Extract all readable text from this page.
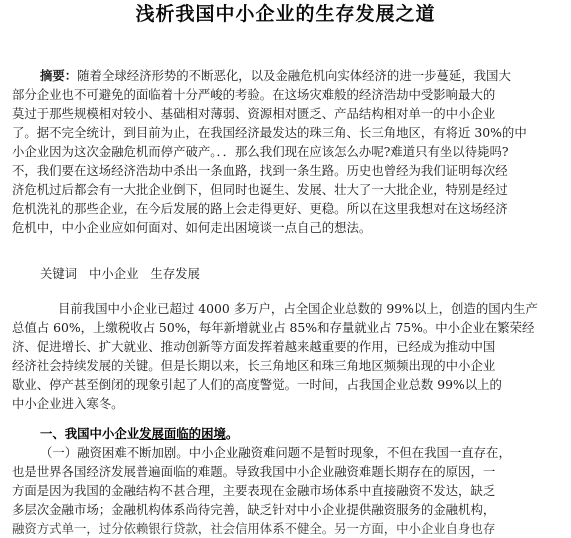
浅析我国中小企业的生存发展之道
摘要：随着全球经济形势的不断恶化，以及金融危机向实体经济的进一步蔓延，我国大
部分企业也不可避免的面临着十分严峻的考验。在这场灾难般的经济浩劫中受影响最大的
莫过于那些规模相对较小、基础相对薄弱、资源相对匮乏、产品结构相对单一的中小企业
了。据不完全统计，到目前为止，在我国经济最发达的珠三角、长三角地区，有将近 30%的中
小企业因为这次金融危机而停产破产。．．那么我们现在应该怎么办呢?难道只有坐以待毙吗?
不，我们要在这场经济浩劫中杀出一条血路，找到一条生路。历史也曾经为我们证明每次经
济危机过后都会有一大批企业倒下，但同时也诞生、发展、壮大了一大批企业，特别是经过
危机洗礼的那些企业，在今后发展的路上会走得更好、更稳。所以在这里我想对在这场经济
危机中，中小企业应如何面对、如何走出困境谈一点自己的想法。
关键词 中小企业 生存发展
目前我国中小企业已超过 4000 多万户，占全国企业总数的 99%以上，创造的国内生产
总值占 60%，上缴税收占 50%，每年新增就业占 85%和存量就业占 75%。中小企业在繁荣经
济、促进增长、扩大就业、推动创新等方面发挥着越来越重要的作用，已经成为推动中国
经济社会持续发展的关键。但是长期以来，长三角地区和珠三角地区频频出现的中小企业
歇业、停产甚至倒闭的现象引起了人们的高度警觉。一时间，占我国企业总数 99%以上的
中小企业进入寒冬。
一、我国中小企业发展面临的困境。
（一）融资困难不断加剧。中小企业融资难问题不是暂时现象，不但在我国一直存在，
也是世界各国经济发展普遍面临的难题。导致我国中小企业融资难题长期存在的原因，一
方面是因为我国的金融结构不甚合理，主要表现在金融市场体系中直接融资不发达，缺乏
多层次金融市场；金融机构体系尚待完善，缺乏针对中小企业提供融资服务的金融机构，
融资方式单一，过分依赖银行贷款，社会信用体系不健全。另一方面，中小企业自身也存
